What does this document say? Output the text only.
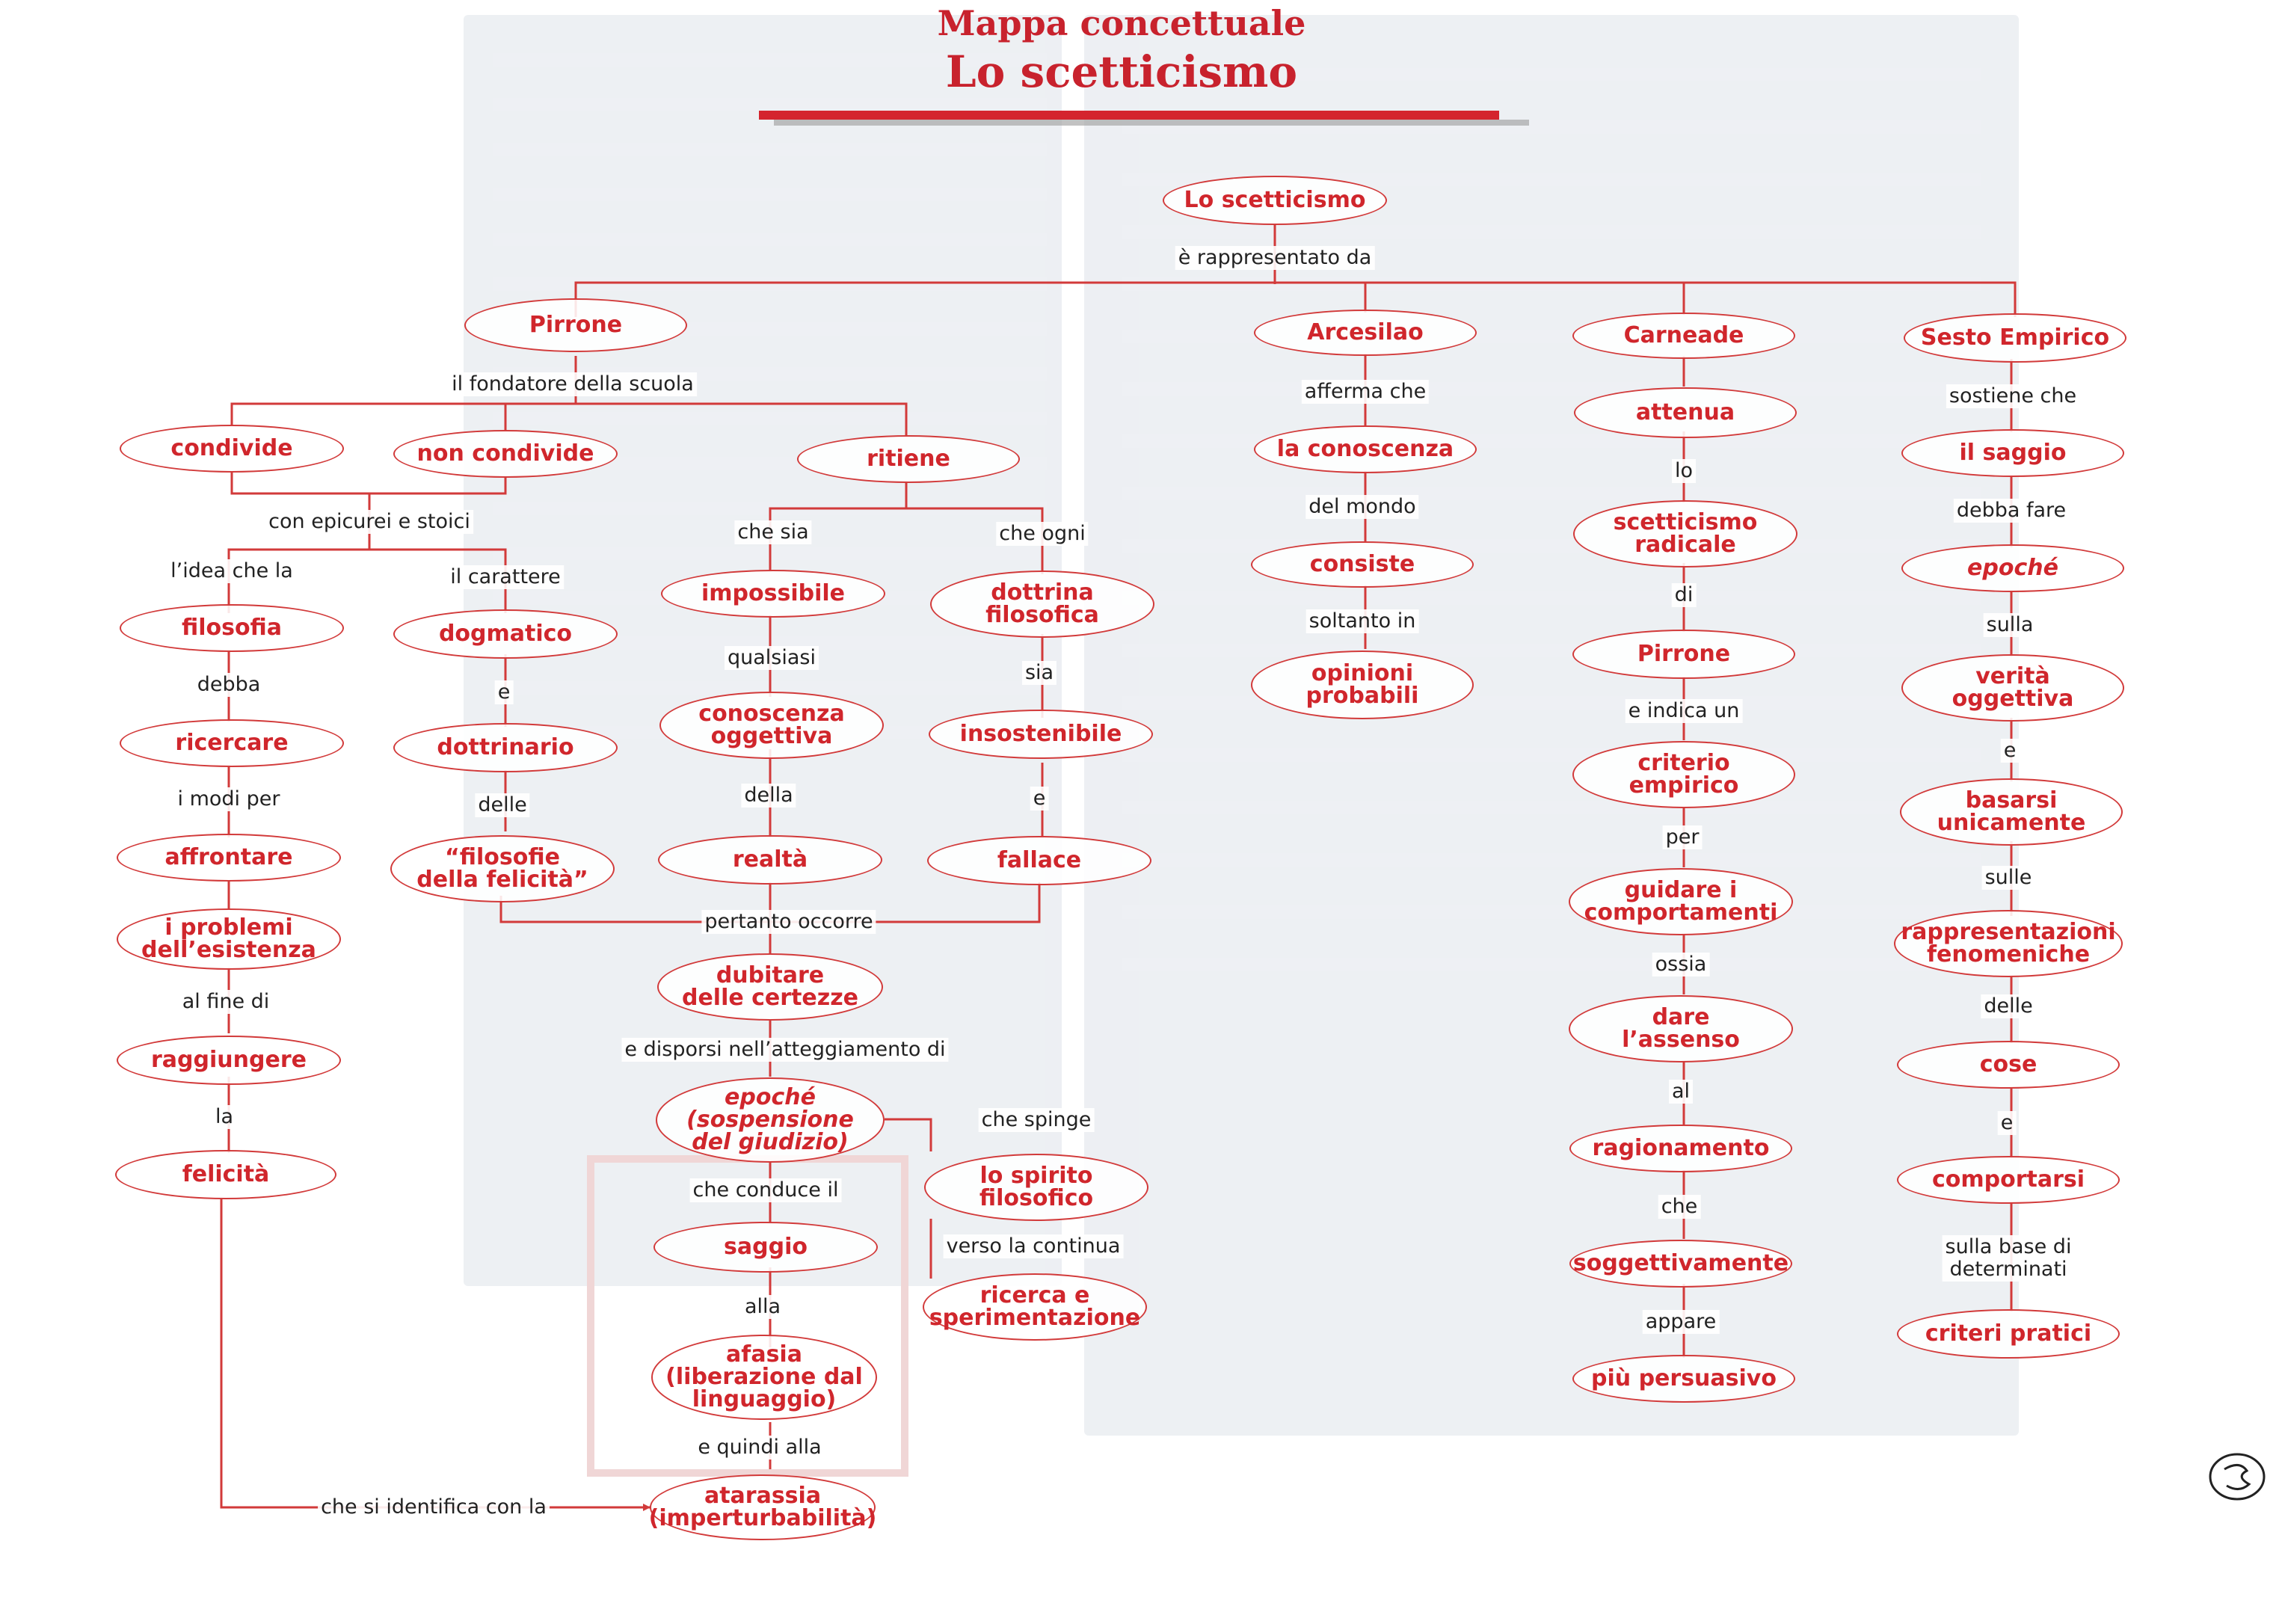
Mappa concettuale
Lo scetticismo
Lo scetticismo
è rappresentato da
Pirrone	Arcesilao	Carneade	Sesto Empirico
il fondatore della scuola
condivide	non condivide	ritiene
con epicurei e stoici
l’idea che la
filosofia
debba
ricercare
i modi per
affrontare
i problemi
dell’esistenza
al fine di
raggiungere
la
felicità
il carattere
dogmatico
e
dottrinario
delle
“filosofie
della felicità”
che sia
impossibile
qualsiasi
conoscenza
oggettiva
della
realtà
che ogni
dottrina
filosofica
sia
insostenibile
e
fallace
pertanto occorre
dubitare
delle certezze
e disporsi nell’atteggiamento di
epoché
(sospensione
del giudizio)
che spinge
lo spirito
filosofico
verso la continua
ricerca e
sperimentazione
che conduce il
saggio
alla
afasia
(liberazione dal
linguaggio)
e quindi alla
atarassia
(imperturbabilità)
che si identifica con la
afferma che
la conoscenza
del mondo
consiste
soltanto in
opinioni
probabili
attenua
lo
scetticismo
radicale
di
Pirrone
e indica un
criterio
empirico
per
guidare i
comportamenti
ossia
dare
l’assenso
al
ragionamento
che
soggettivamente
appare
più persuasivo
sostiene che
il saggio
debba fare
epoché
sulla
verità
oggettiva
e
basarsi
unicamente
sulle
rappresentazioni
fenomeniche
delle
cose
e
comportarsi
sulla base di
determinati
criteri pratici
